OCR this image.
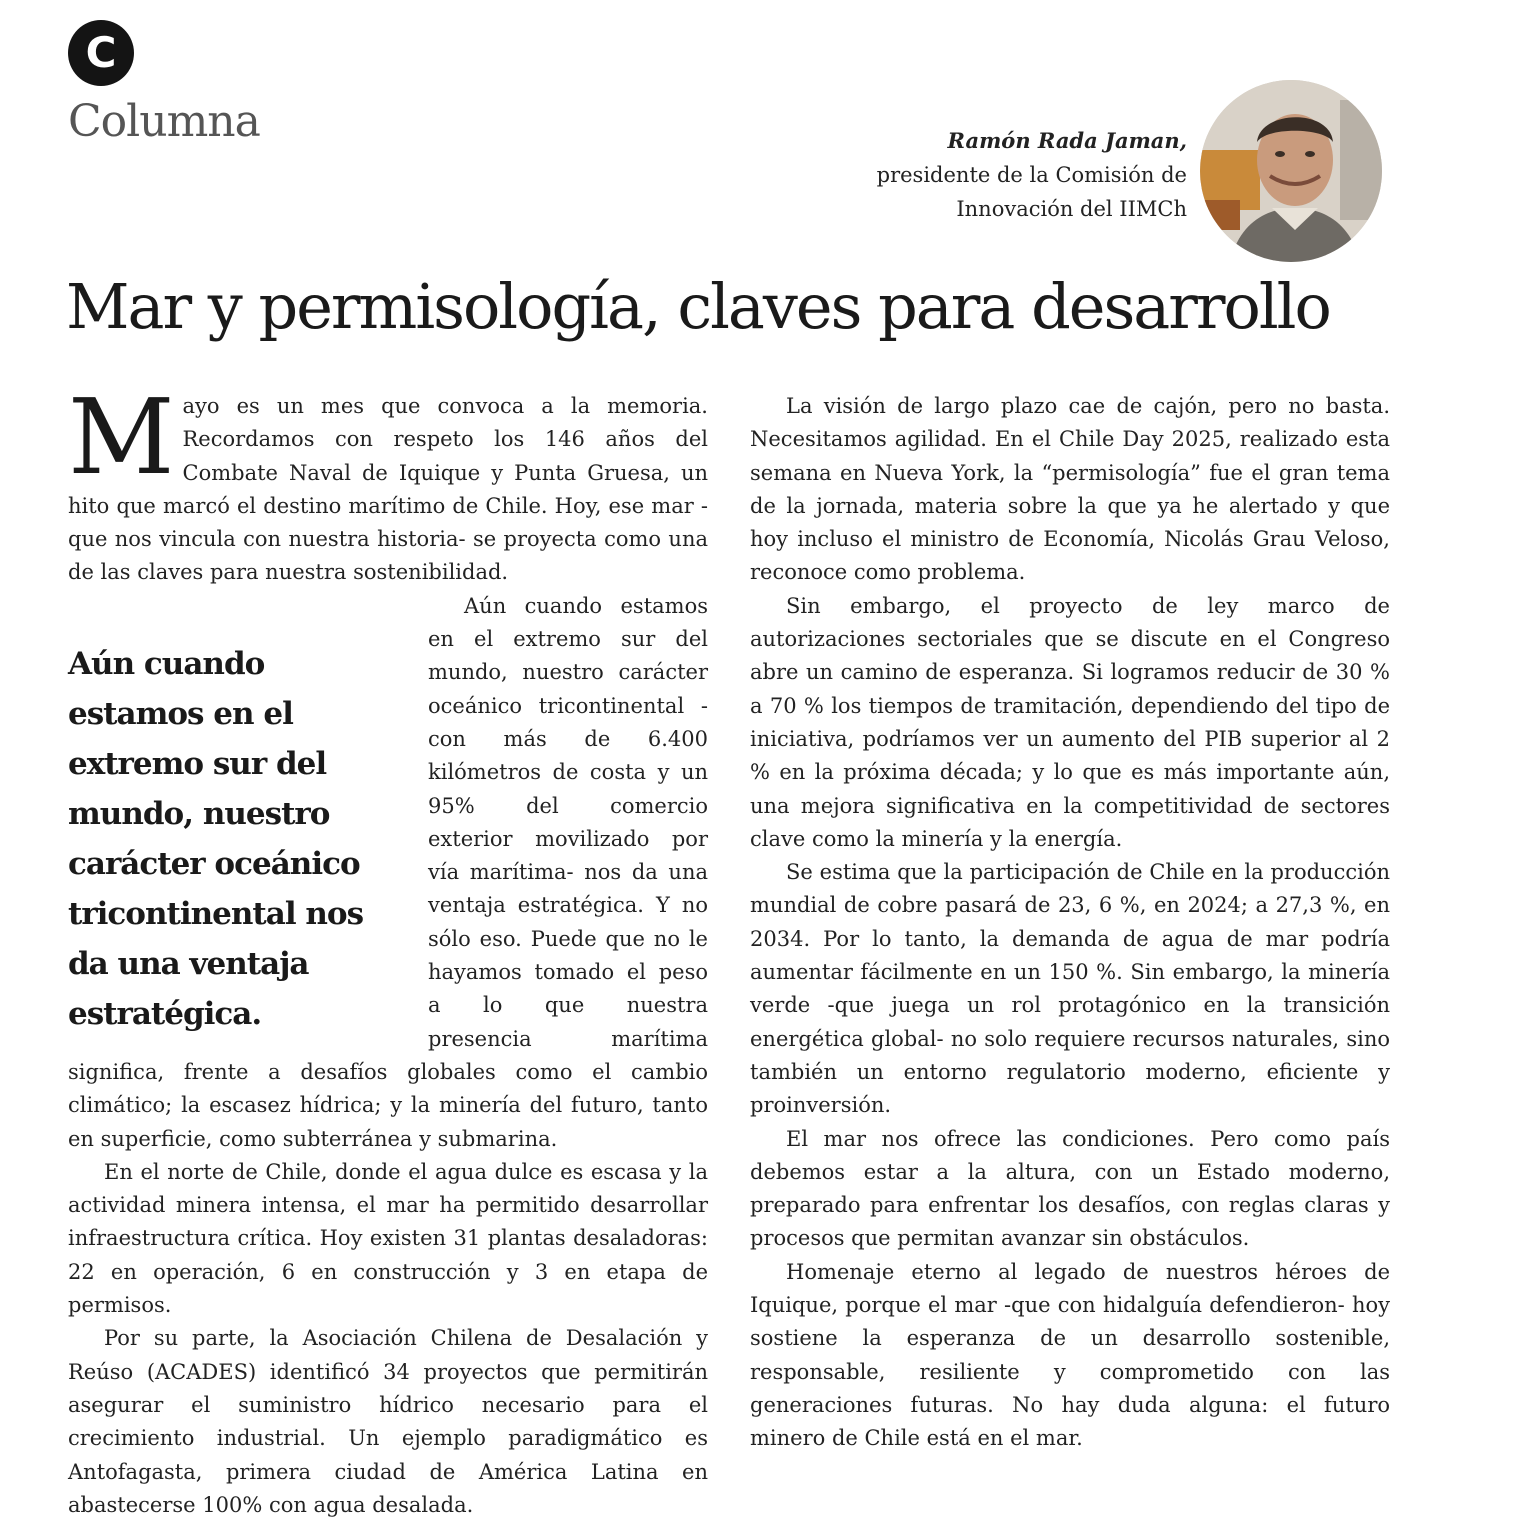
C
Columna	Ramón Rada Jaman,
presidente de la Comisión de
Innovación del IIMCh
Mar y permisología, claves para desarrollo

Mayo es un mes que convoca a la memoria. Recordamos con respeto los 146 años del Combate Naval de Iquique y Punta Gruesa, un hito que marcó el destino marítimo de Chile. Hoy, ese mar -que nos vincula con nuestra historia- se proyecta como una de las claves para nuestra sostenibilidad.

Aún cuando estamos en el extremo sur del mundo, nuestro carácter oceánico tricontinental nos da una ventaja estratégica.
Aún cuando estamos en el extremo sur del mundo, nuestro carácter oceánico tricontinental -con más de 6.400 kilómetros de costa y un 95% del comercio exterior movilizado por vía marítima- nos da una ventaja estratégica. Y no sólo eso. Puede que no le hayamos tomado el peso a lo que nuestra presencia marítima significa, frente a desafíos globales como el cambio climático; la escasez hídrica; y la minería del futuro, tanto en superficie, como subterránea y submarina.

En el norte de Chile, donde el agua dulce es escasa y la actividad minera intensa, el mar ha permitido desarrollar infraestructura crítica. Hoy existen 31 plantas desaladoras: 22 en operación, 6 en construcción y 3 en etapa de permisos.

Por su parte, la Asociación Chilena de Desalación y Reúso (ACADES) identificó 34 proyectos que permitirán asegurar el suministro hídrico necesario para el crecimiento industrial. Un ejemplo paradigmático es Antofagasta, primera ciudad de América Latina en abastecerse 100% con agua desalada.

La visión de largo plazo cae de cajón, pero no basta. Necesitamos agilidad. En el Chile Day 2025, realizado esta semana en Nueva York, la “permisología” fue el gran tema de la jornada, materia sobre la que ya he alertado y que hoy incluso el ministro de Economía, Nicolás Grau Veloso, reconoce como problema.

Sin embargo, el proyecto de ley marco de autorizaciones sectoriales que se discute en el Congreso abre un camino de esperanza. Si logramos reducir de 30 % a 70 % los tiempos de tramitación, dependiendo del tipo de iniciativa, podríamos ver un aumento del PIB superior al 2 % en la próxima década; y lo que es más importante aún, una mejora significativa en la competitividad de sectores clave como la minería y la energía.

Se estima que la participación de Chile en la producción mundial de cobre pasará de 23, 6 %, en 2024; a 27,3 %, en 2034. Por lo tanto, la demanda de agua de mar podría aumentar fácilmente en un 150 %. Sin embargo, la minería verde -que juega un rol protagónico en la transición energética global- no solo requiere recursos naturales, sino también un entorno regulatorio moderno, eficiente y proinversión.

El mar nos ofrece las condiciones. Pero como país debemos estar a la altura, con un Estado moderno, preparado para enfrentar los desafíos, con reglas claras y procesos que permitan avanzar sin obstáculos.

Homenaje eterno al legado de nuestros héroes de Iquique, porque el mar -que con hidalguía defendieron- hoy sostiene la esperanza de un desarrollo sostenible, responsable, resiliente y comprometido con las generaciones futuras. No hay duda alguna: el futuro minero de Chile está en el mar.
